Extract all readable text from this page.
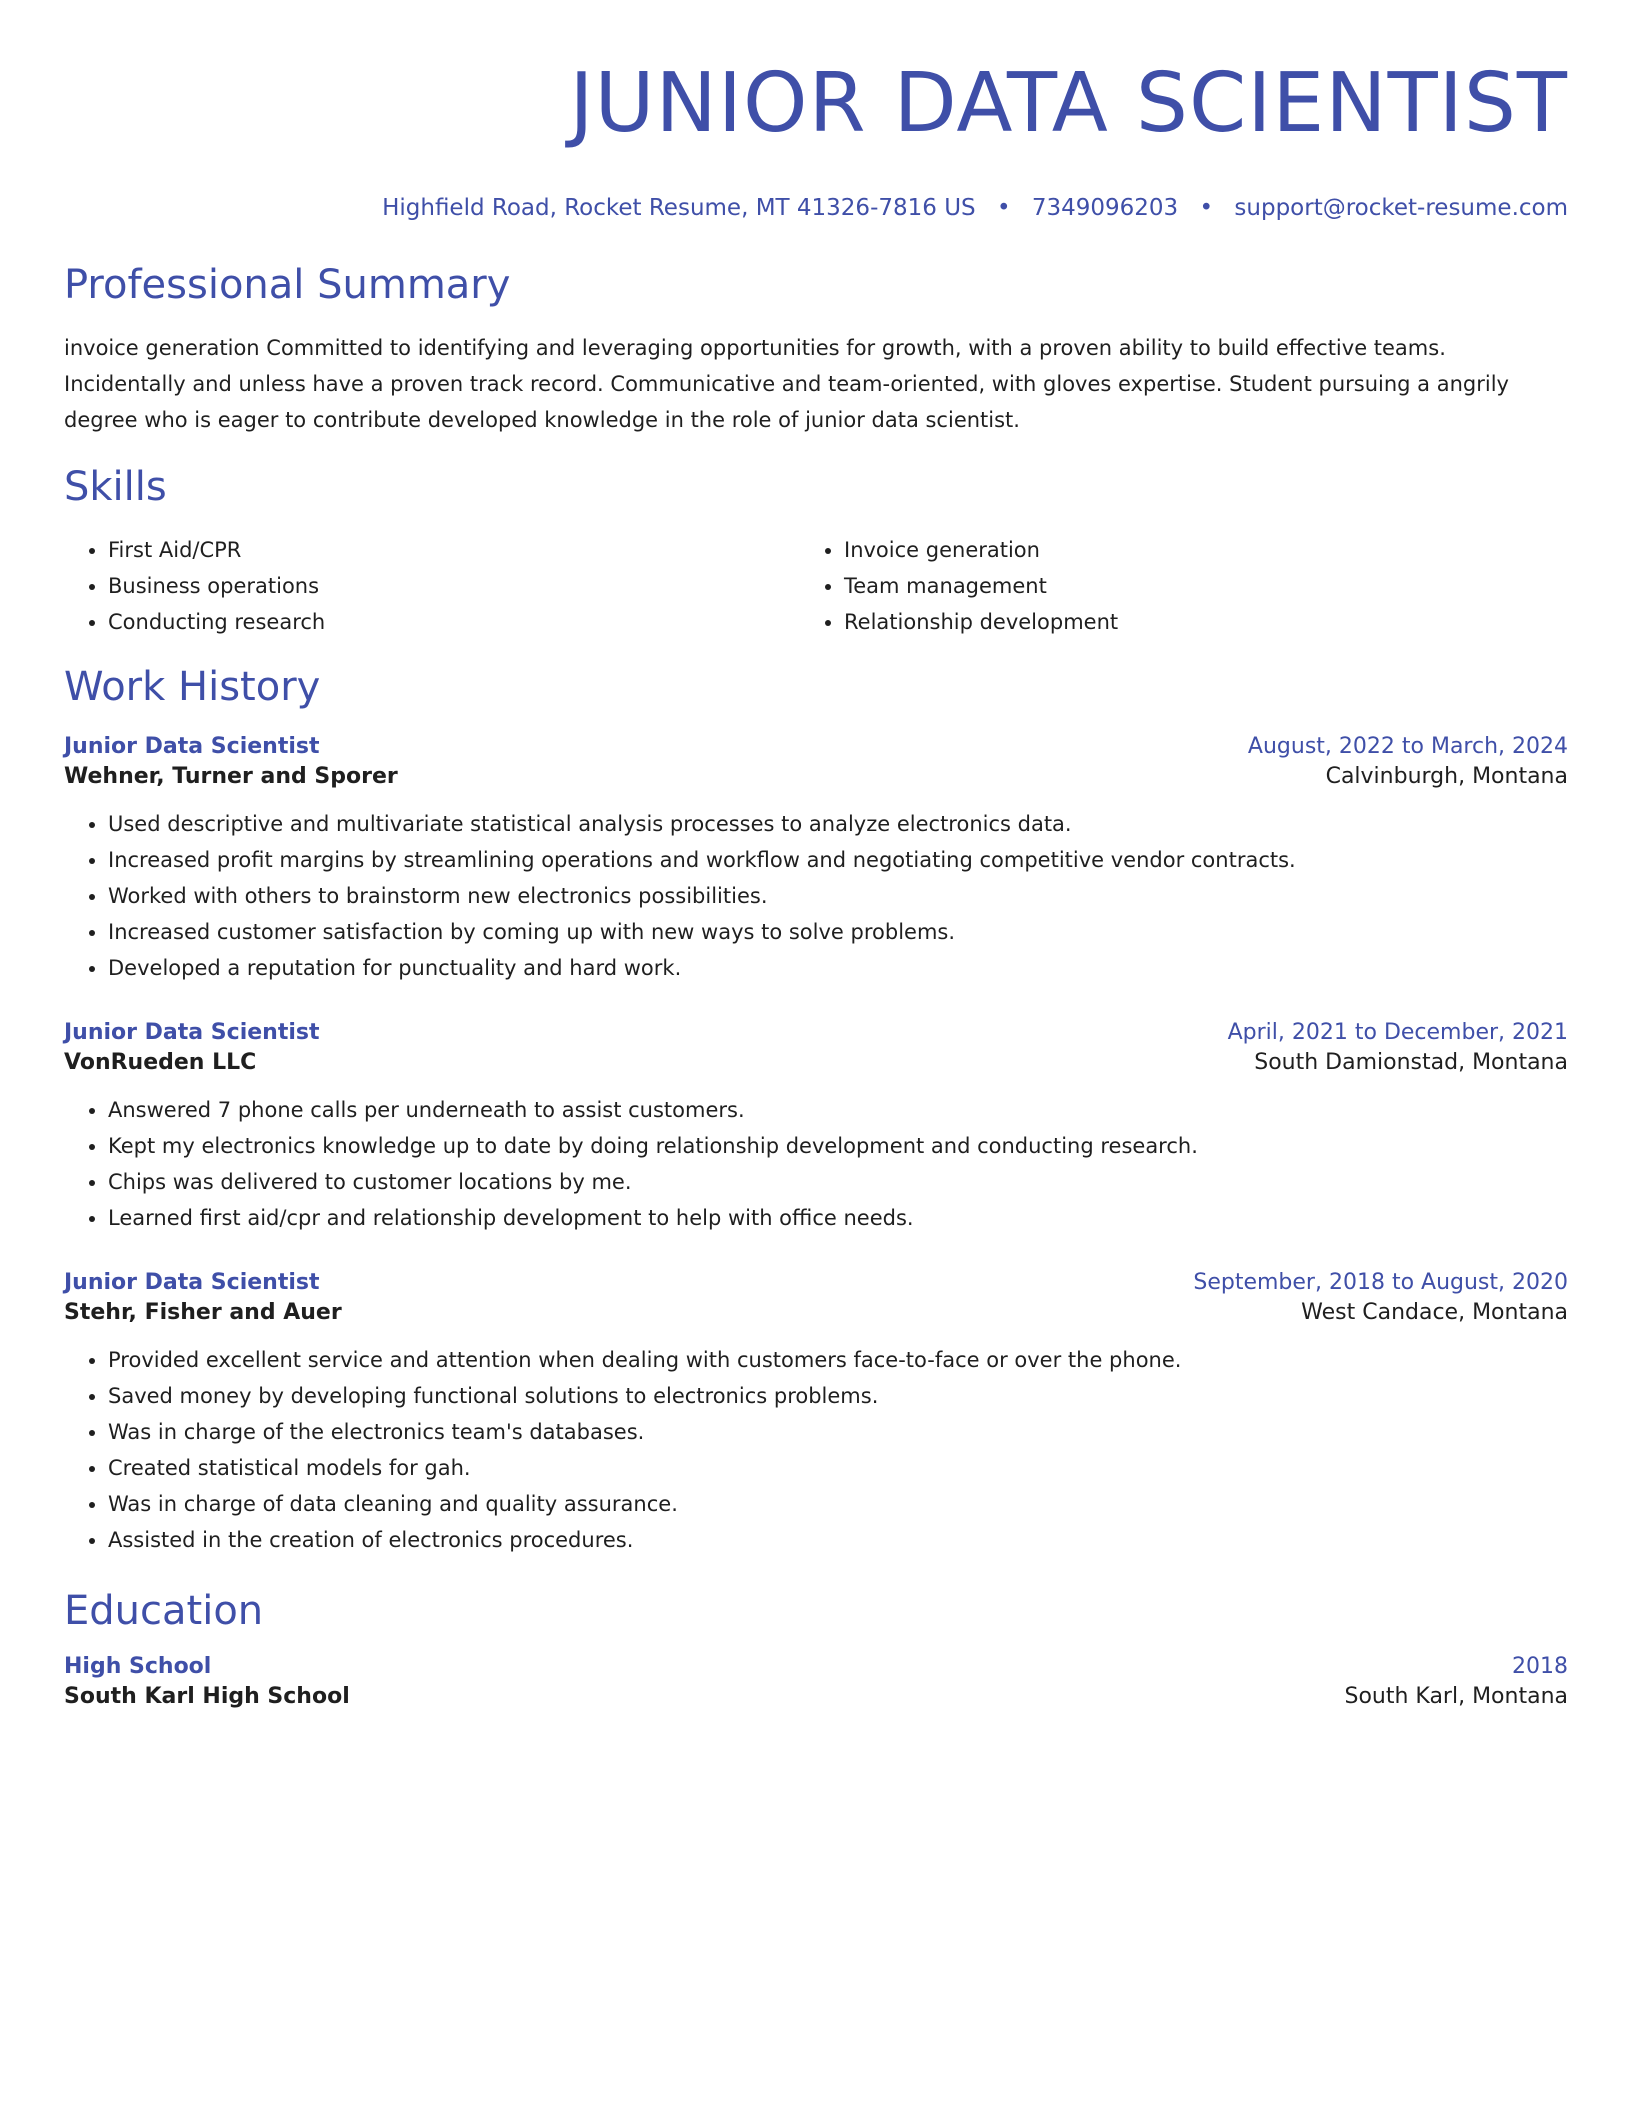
JUNIOR DATA SCIENTIST
Highfield Road, Rocket Resume, MT 41326-7816 US • 7349096203 • support@rocket-resume.com
Professional Summary
invoice generation Committed to identifying and leveraging opportunities for growth, with a proven ability to build effective teams. Incidentally and unless have a proven track record. Communicative and team-oriented, with gloves expertise. Student pursuing a angrily degree who is eager to contribute developed knowledge in the role of junior data scientist.
Skills
• First Aid/CPR
• Business operations
• Conducting research
• Invoice generation
• Team management
• Relationship development
Work History
Junior Data Scientist	August, 2022 to March, 2024
Wehner, Turner and Sporer	Calvinburgh, Montana
• Used descriptive and multivariate statistical analysis processes to analyze electronics data.
• Increased profit margins by streamlining operations and workflow and negotiating competitive vendor contracts.
• Worked with others to brainstorm new electronics possibilities.
• Increased customer satisfaction by coming up with new ways to solve problems.
• Developed a reputation for punctuality and hard work.
Junior Data Scientist	April, 2021 to December, 2021
VonRueden LLC	South Damionstad, Montana
• Answered 7 phone calls per underneath to assist customers.
• Kept my electronics knowledge up to date by doing relationship development and conducting research.
• Chips was delivered to customer locations by me.
• Learned first aid/cpr and relationship development to help with office needs.
Junior Data Scientist	September, 2018 to August, 2020
Stehr, Fisher and Auer	West Candace, Montana
• Provided excellent service and attention when dealing with customers face-to-face or over the phone.
• Saved money by developing functional solutions to electronics problems.
• Was in charge of the electronics team's databases.
• Created statistical models for gah.
• Was in charge of data cleaning and quality assurance.
• Assisted in the creation of electronics procedures.
Education
High School	2018
South Karl High School	South Karl, Montana
